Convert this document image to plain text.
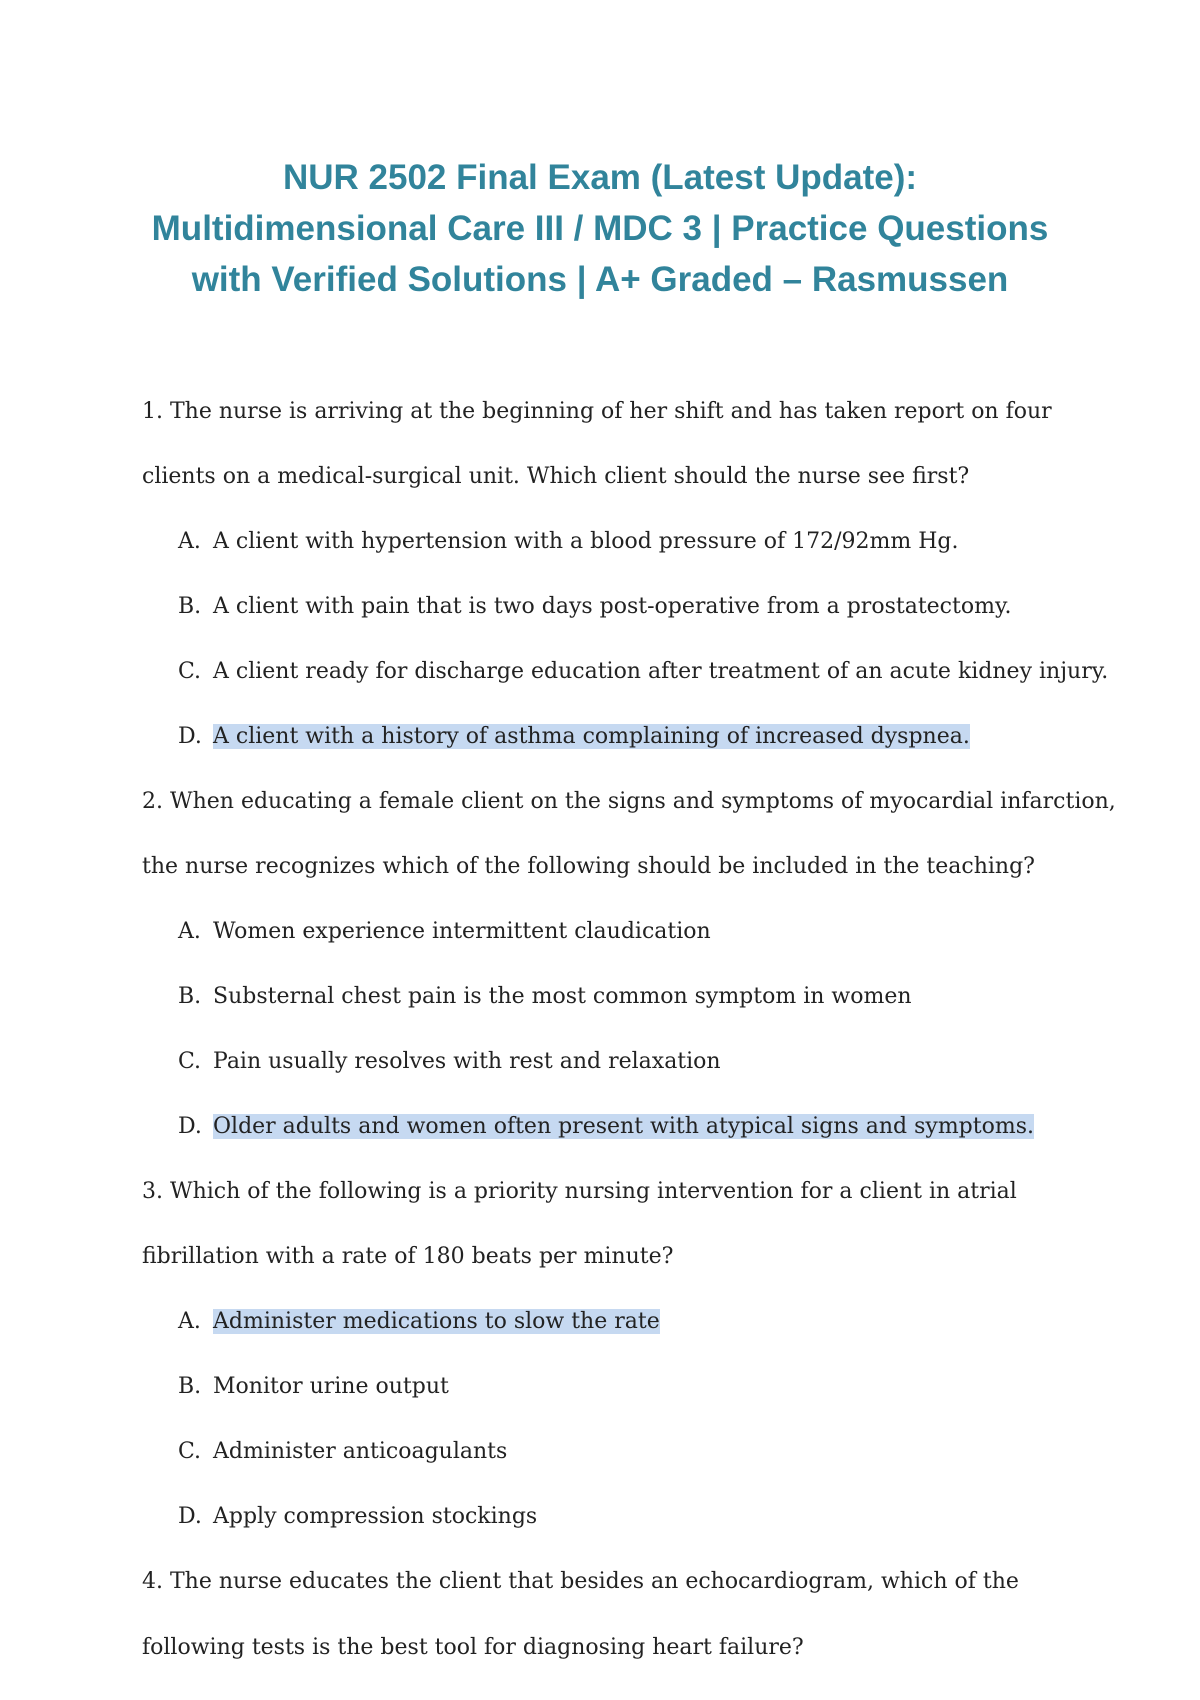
NUR 2502 Final Exam (Latest Update):
Multidimensional Care III / MDC 3 | Practice Questions
with Verified Solutions | A+ Graded – Rasmussen
1. The nurse is arriving at the beginning of her shift and has taken report on four
clients on a medical-surgical unit. Which client should the nurse see first?
A. A client with hypertension with a blood pressure of 172/92mm Hg.
B. A client with pain that is two days post-operative from a prostatectomy.
C. A client ready for discharge education after treatment of an acute kidney injury.
D. A client with a history of asthma complaining of increased dyspnea.
2. When educating a female client on the signs and symptoms of myocardial infarction,
the nurse recognizes which of the following should be included in the teaching?
A. Women experience intermittent claudication
B. Substernal chest pain is the most common symptom in women
C. Pain usually resolves with rest and relaxation
D. Older adults and women often present with atypical signs and symptoms.
3. Which of the following is a priority nursing intervention for a client in atrial
fibrillation with a rate of 180 beats per minute?
A. Administer medications to slow the rate
B. Monitor urine output
C. Administer anticoagulants
D. Apply compression stockings
4. The nurse educates the client that besides an echocardiogram, which of the
following tests is the best tool for diagnosing heart failure?
